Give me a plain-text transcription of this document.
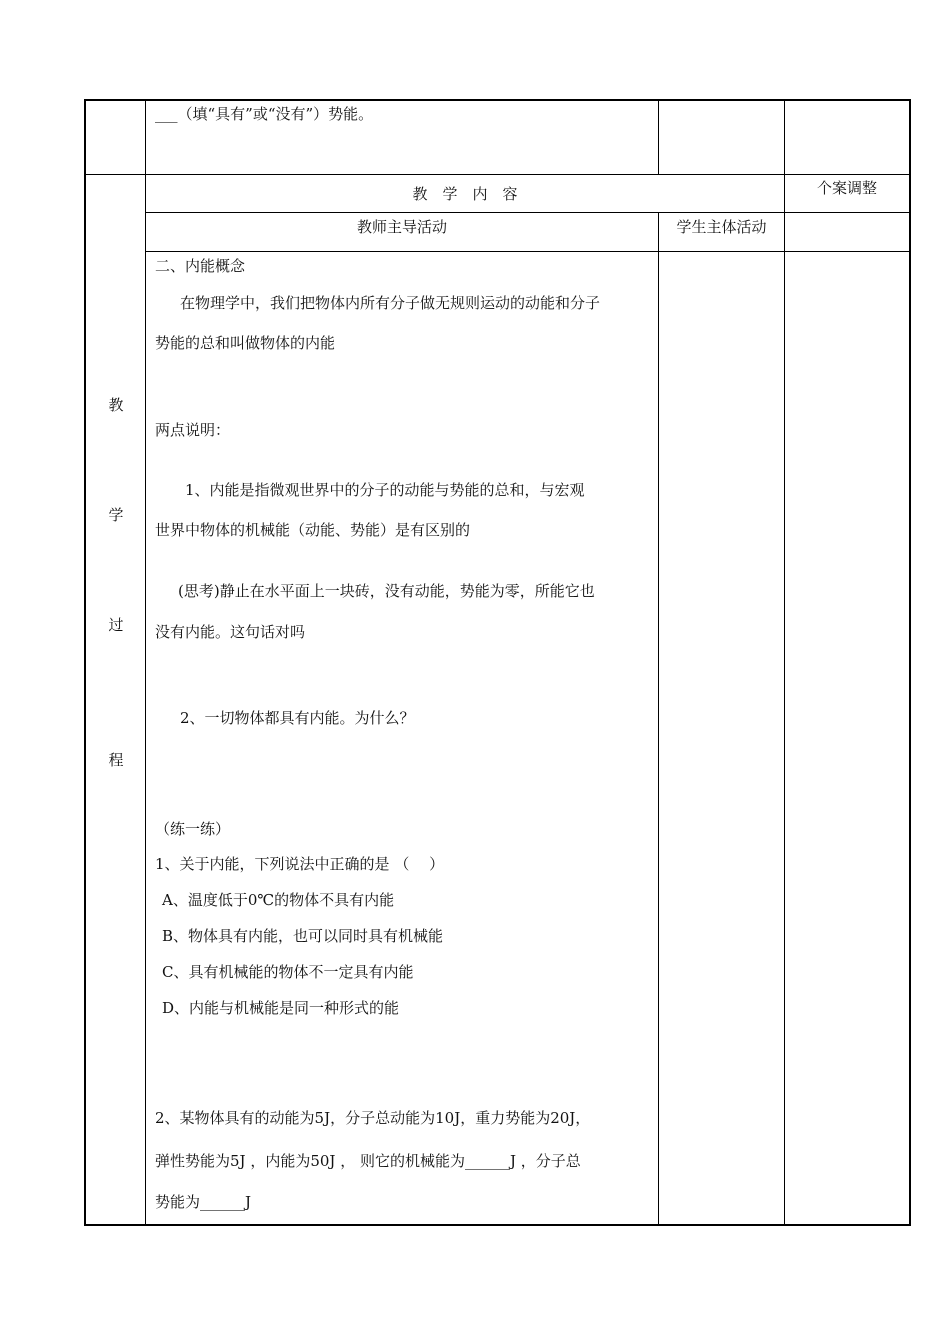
___（填“具有”或“没有”）势能。
教
学
过
程
教　学　内　容	个案调整
教师主导活动	学生主体活动
二、内能概念
在物理学中，我们把物体内所有分子做无规则运动的动能和分子
势能的总和叫做物体的内能
两点说明：
1、内能是指微观世界中的分子的动能与势能的总和，与宏观
世界中物体的机械能（动能、势能）是有区别的
(思考)静止在水平面上一块砖，没有动能，势能为零，所能它也
没有内能。这句话对吗
2、一切物体都具有内能。为什么？
（练一练）
1、关于内能，下列说法中正确的是 （　 ）
A、温度低于0℃的物体不具有内能
B、物体具有内能，也可以同时具有机械能
C、具有机械能的物体不一定具有内能
D、内能与机械能是同一种形式的能
2、某物体具有的动能为5J，分子总动能为10J，重力势能为20J，
弹性势能为5J ，内能为50J ， 则它的机械能为______J ，分子总
势能为______J
